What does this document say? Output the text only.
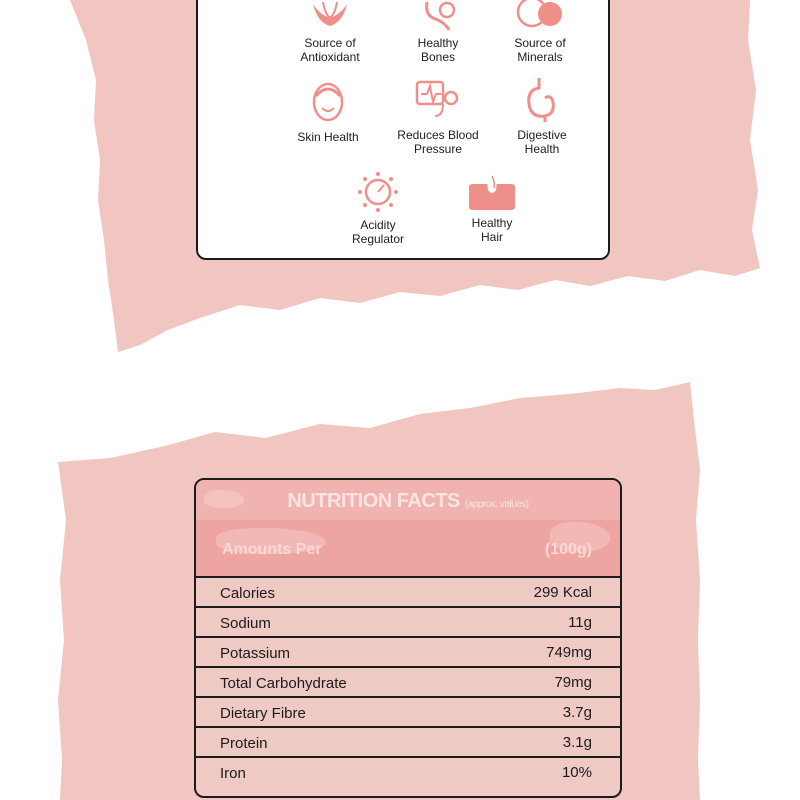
Source of
Antioxidant
Healthy
Bones
Source of
Minerals
Skin Health	Reduces Blood
Pressure
Digestive
Health
Acidity
Regulator
Healthy
Hair
NUTRITION FACTS (approx. values)
Amounts Per	(100g)
Calories	299 Kcal
Sodium	11g
Potassium	749mg
Total Carbohydrate	79mg
Dietary Fibre	3.7g
Protein	3.1g
Iron	10%
